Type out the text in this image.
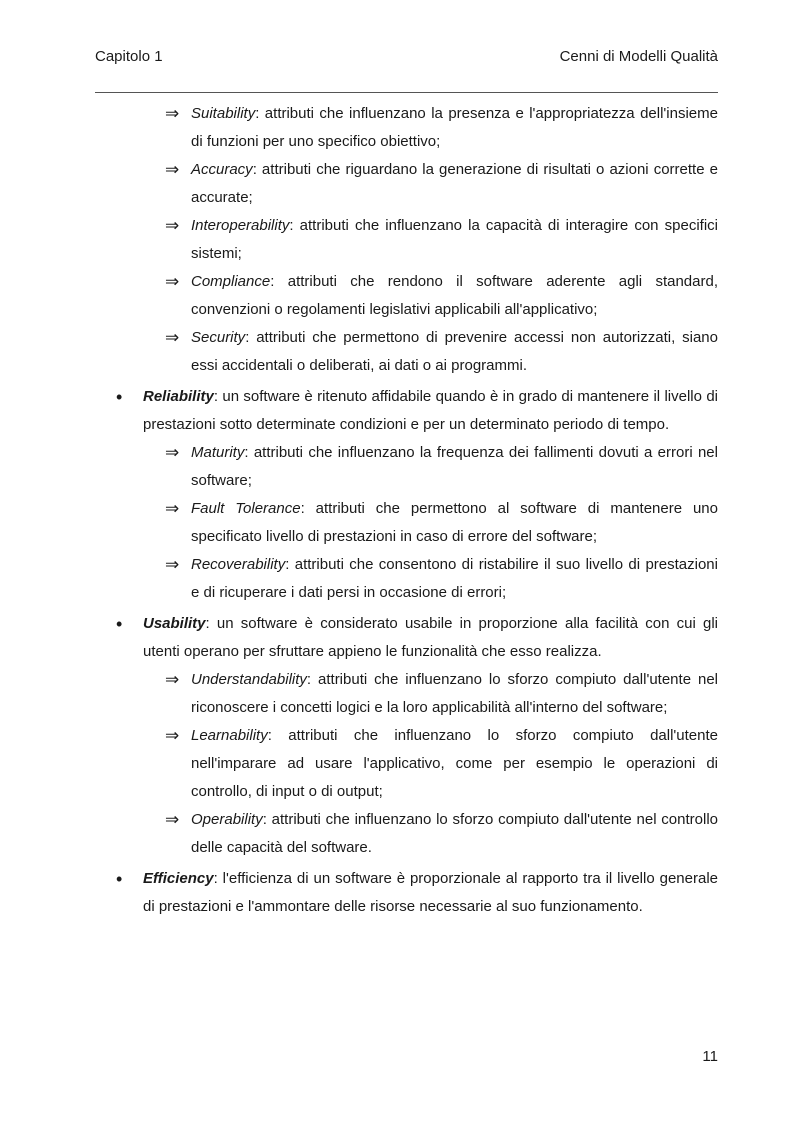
Capitolo 1	Cenni di Modelli Qualità
⇒ Suitability: attributi che influenzano la presenza e l'appropriatezza dell'insieme di funzioni per uno specifico obiettivo;
⇒ Accuracy: attributi che riguardano la generazione di risultati o azioni corrette e accurate;
⇒ Interoperability: attributi che influenzano la capacità di interagire con specifici sistemi;
⇒ Compliance: attributi che rendono il software aderente agli standard, convenzioni o regolamenti legislativi applicabili all'applicativo;
⇒ Security: attributi che permettono di prevenire accessi non autorizzati, siano essi accidentali o deliberati, ai dati o ai programmi.
• Reliability: un software è ritenuto affidabile quando è in grado di mantenere il livello di prestazioni sotto determinate condizioni e per un determinato periodo di tempo.
⇒ Maturity: attributi che influenzano la frequenza dei fallimenti dovuti a errori nel software;
⇒ Fault Tolerance: attributi che permettono al software di mantenere uno specificato livello di prestazioni in caso di errore del software;
⇒ Recoverability: attributi che consentono di ristabilire il suo livello di prestazioni e di ricuperare i dati persi in occasione di errori;
• Usability: un software è considerato usabile in proporzione alla facilità con cui gli utenti operano per sfruttare appieno le funzionalità che esso realizza.
⇒ Understandability: attributi che influenzano lo sforzo compiuto dall'utente nel riconoscere i concetti logici e la loro applicabilità all'interno del software;
⇒ Learnability: attributi che influenzano lo sforzo compiuto dall'utente nell'imparare ad usare l'applicativo, come per esempio le operazioni di controllo, di input o di output;
⇒ Operability: attributi che influenzano lo sforzo compiuto dall'utente nel controllo delle capacità del software.
• Efficiency: l'efficienza di un software è proporzionale al rapporto tra il livello generale di prestazioni e l'ammontare delle risorse necessarie al suo funzionamento.
11
